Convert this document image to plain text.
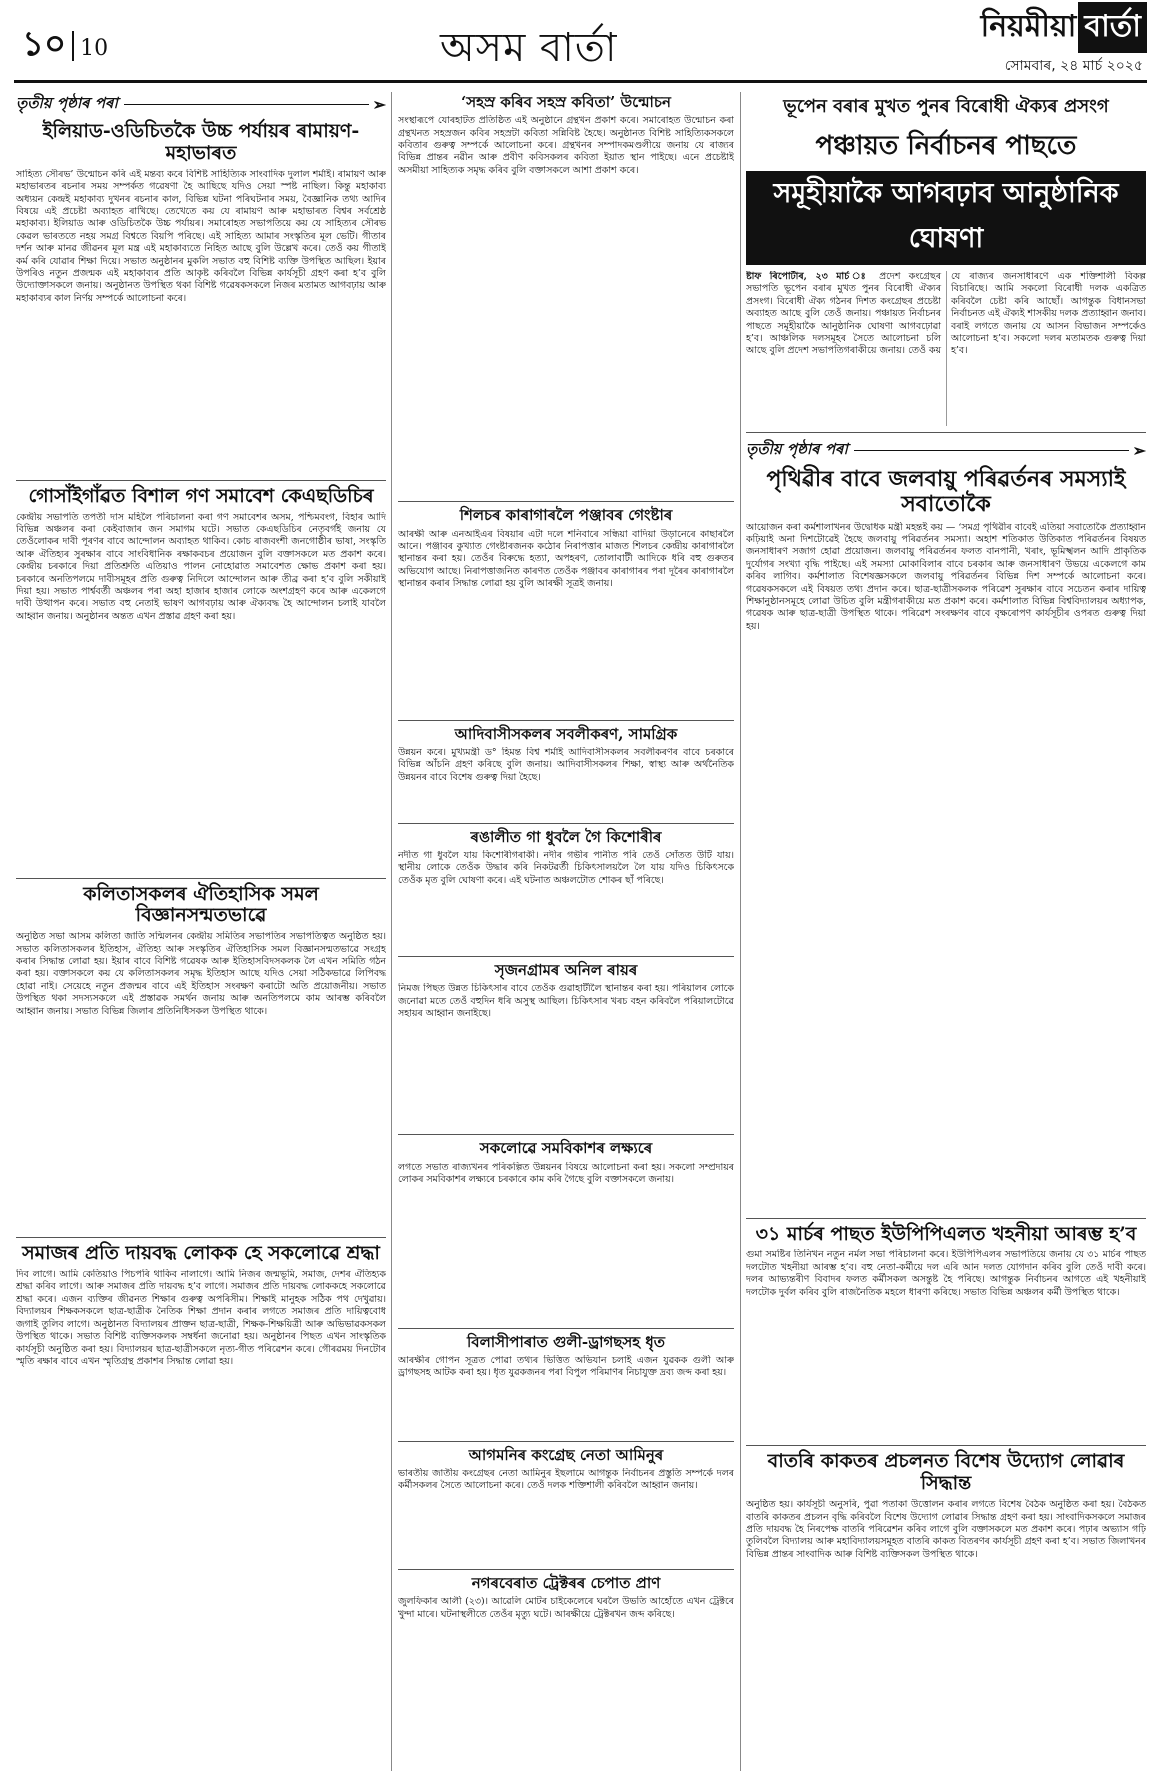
১০ 10	অসম বাৰ্তা	নিয়মীয়া বাৰ্তা
সোমবাৰ, ২৪ মাৰ্চ ২০২৫
তৃতীয় পৃষ্ঠাৰ পৰা	➢
ইলিয়াড-ওডিচিতকৈ উচ্চ পৰ্যায়ৰ ৰামায়ণ-মহাভাৰত
সাহিত্য সৌৰভ’ উন্মোচন কৰি এই মন্তব্য কৰে বিশিষ্ট সাহিত্যিক সাংবাদিক দুলাল শৰ্মাই। ৰামায়ণ আৰু মহাভাৰতৰ ৰচনাৰ সময় সম্পৰ্কত গৱেষণা হৈ আছিছে যদিও সেয়া স্পষ্ট নাছিল। কিন্তু মহাকাব্য অধ্যয়ন কেন্দ্ৰই মহাকাব্য দুখনৰ ৰচনাৰ কাল, বিভিন্ন ঘটনা পৰিঘটনাৰ সময়, বৈজ্ঞানিক তথ্য আদিৰ বিষয়ে এই প্ৰচেষ্টা অব্যাহত ৰাখিছে। তেখেতে কয় যে ৰামায়ণ আৰু মহাভাৰত বিশ্বৰ সৰ্বশ্ৰেষ্ঠ মহাকাব্য। ইলিয়াড আৰু ওডিচিতকৈ উচ্চ পৰ্যায়ৰ। সমাৰোহত সভাপতিয়ে কয় যে সাহিত্যৰ সৌৰভ কেৱল ভাৰততে নহয় সমগ্ৰ বিশ্বতে বিয়পি পৰিছে। এই সাহিত্য আমাৰ সংস্কৃতিৰ মূল ভেটি। গীতাৰ দৰ্শন আৰু মানৱ জীৱনৰ মূল মন্ত্ৰ এই মহাকাব্যতে নিহিত আছে বুলি উল্লেখ কৰে। তেওঁ কয় গীতাই কৰ্ম কৰি যোৱাৰ শিক্ষা দিয়ে। সভাত অনুষ্ঠানৰ মুকলি সভাত বহু বিশিষ্ট ব্যক্তি উপস্থিত আছিল। ইয়াৰ উপৰিও নতুন প্ৰজন্মক এই মহাকাব্যৰ প্ৰতি আকৃষ্ট কৰিবলৈ বিভিন্ন কাৰ্যসূচী গ্ৰহণ কৰা হ’ব বুলি উদ্যোক্তাসকলে জনায়। অনুষ্ঠানত উপস্থিত থকা বিশিষ্ট গৱেষকসকলে নিজৰ মতামত আগবঢ়ায় আৰু মহাকাব্যৰ কাল নিৰ্ণয় সম্পৰ্কে আলোচনা কৰে।
গোসাঁইগাঁৱত বিশাল গণ সমাবেশ কেএছডিচিৰ
কেন্দ্ৰীয় সভাপতি তপতী দাস মহিলৈ পৰিচালনা কৰা গণ সমাবেশৰ অসম, পশ্চিমবংগ, বিহাৰ আদি বিভিন্ন অঞ্চলৰ কৰা কেইবাজাৰ জন সমাগম ঘটে। সভাত কেএছডিচিৰ নেতৃবৰ্গই জনায় যে তেওঁলোকৰ দাবী পূৰণৰ বাবে আন্দোলন অব্যাহত থাকিব। কোচ ৰাজবংশী জনগোষ্ঠীৰ ভাষা, সংস্কৃতি আৰু ঐতিহ্যৰ সুৰক্ষাৰ বাবে সাংবিধানিক ৰক্ষাকবচৰ প্ৰয়োজন বুলি বক্তাসকলে মত প্ৰকাশ কৰে। কেন্দ্ৰীয় চৰকাৰে দিয়া প্ৰতিশ্ৰুতি এতিয়াও পালন নোহোৱাত সমাবেশত ক্ষোভ প্ৰকাশ কৰা হয়। চৰকাৰে অনতিপলমে দাবীসমূহৰ প্ৰতি গুৰুত্ব নিদিলে আন্দোলন আৰু তীব্ৰ কৰা হ’ব বুলি সকীয়াই দিয়া হয়। সভাত পাৰ্শ্ববৰ্তী অঞ্চলৰ পৰা অহা হাজাৰ হাজাৰ লোকে অংশগ্ৰহণ কৰে আৰু একেলগে দাবী উত্থাপন কৰে। সভাত বহু নেতাই ভাষণ আগবঢ়ায় আৰু ঐক্যবদ্ধ হৈ আন্দোলন চলাই যাবলৈ আহ্বান জনায়। অনুষ্ঠানৰ অন্তত এখন প্ৰস্তাৱ গ্ৰহণ কৰা হয়।
কলিতাসকলৰ ঐতিহাসিক সমল বিজ্ঞানসন্মতভাৱে
অনুষ্ঠিত সভা আসম কলিতা জাতি সন্মিলনৰ কেন্দ্ৰীয় সমিতিৰ সভাপতিৰ সভাপতিত্বত অনুষ্ঠিত হয়। সভাত কলিতাসকলৰ ইতিহাস, ঐতিহ্য আৰু সংস্কৃতিৰ ঐতিহাসিক সমল বিজ্ঞানসন্মতভাৱে সংগ্ৰহ কৰাৰ সিদ্ধান্ত লোৱা হয়। ইয়াৰ বাবে বিশিষ্ট গৱেষক আৰু ইতিহাসবিদসকলক লৈ এখন সমিতি গঠন কৰা হয়। বক্তাসকলে কয় যে কলিতাসকলৰ সমৃদ্ধ ইতিহাস আছে যদিও সেয়া সঠিকভাৱে লিপিবদ্ধ হোৱা নাই। সেয়েহে নতুন প্ৰজন্মৰ বাবে এই ইতিহাস সংৰক্ষণ কৰাটো অতি প্ৰয়োজনীয়। সভাত উপস্থিত থকা সদস্যসকলে এই প্ৰস্তাৱক সমৰ্থন জনায় আৰু অনতিপলমে কাম আৰম্ভ কৰিবলৈ আহ্বান জনায়। সভাত বিভিন্ন জিলাৰ প্ৰতিনিধিসকল উপস্থিত থাকে।
সমাজৰ প্ৰতি দায়বদ্ধ লোকক হে সকলোৱে শ্ৰদ্ধা
দিব লাগে। আমি কেতিয়াও পিচপৰি থাকিব নালাগে। আমি নিজৰ জন্মভূমি, সমাজ, দেশৰ ঐতিহ্যক শ্ৰদ্ধা কৰিব লাগে। আৰু সমাজৰ প্ৰতি দায়বদ্ধ হ’ব লাগে। সমাজৰ প্ৰতি দায়বদ্ধ লোককহে সকলোৱে শ্ৰদ্ধা কৰে। এজন ব্যক্তিৰ জীৱনত শিক্ষাৰ গুৰুত্ব অপৰিসীম। শিক্ষাই মানুহক সঠিক পথ দেখুৱায়। বিদ্যালয়ৰ শিক্ষকসকলে ছাত্ৰ-ছাত্ৰীক নৈতিক শিক্ষা প্ৰদান কৰাৰ লগতে সমাজৰ প্ৰতি দায়িত্ববোধ জগাই তুলিব লাগে। অনুষ্ঠানত বিদ্যালয়ৰ প্ৰাক্তন ছাত্ৰ-ছাত্ৰী, শিক্ষক-শিক্ষয়িত্ৰী আৰু অভিভাৱকসকল উপস্থিত থাকে। সভাত বিশিষ্ট ব্যক্তিসকলক সম্বৰ্ধনা জনোৱা হয়। অনুষ্ঠানৰ পিছত এখন সাংস্কৃতিক কাৰ্যসূচী অনুষ্ঠিত কৰা হয়। বিদ্যালয়ৰ ছাত্ৰ-ছাত্ৰীসকলে নৃত্য-গীত পৰিৱেশন কৰে। গৌৰৱময় দিনটোৰ স্মৃতি ৰক্ষাৰ বাবে এখন স্মৃতিগ্ৰন্থ প্ৰকাশৰ সিদ্ধান্ত লোৱা হয়।
‘সহস্ৰ কৰিব সহস্ৰ কবিতা’ উন্মোচন
সংস্থাৰূপে যোৰহাটত প্ৰতিষ্ঠিত এই অনুষ্ঠানে গ্ৰন্থখন প্ৰকাশ কৰে। সমাৰোহত উন্মোচন কৰা গ্ৰন্থখনত সহস্ৰজন কবিৰ সহস্ৰটা কবিতা সন্নিবিষ্ট হৈছে। অনুষ্ঠানত বিশিষ্ট সাহিত্যিকসকলে কবিতাৰ গুৰুত্ব সম্পৰ্কে আলোচনা কৰে। গ্ৰন্থখনৰ সম্পাদকমণ্ডলীয়ে জনায় যে ৰাজ্যৰ বিভিন্ন প্ৰান্তৰ নৱীন আৰু প্ৰবীণ কবিসকলৰ কবিতা ইয়াত স্থান পাইছে। এনে প্ৰচেষ্টাই অসমীয়া সাহিত্যক সমৃদ্ধ কৰিব বুলি বক্তাসকলে আশা প্ৰকাশ কৰে।
শিলচৰ কাৰাগাৰলৈ পঞ্জাবৰ গেংষ্টাৰ
আৰক্ষী আৰু এনআইএৰ বিষয়াৰ এটা দলে শনিবাৰে সন্ধিয়া বাদিয়া উড়ানেৰে কাছাৰলৈ আনে। পঞ্জাবৰ কুখ্যাত গেংষ্টাৰজনক কঠোৰ নিৰাপত্তাৰ মাজত শিলচৰ কেন্দ্ৰীয় কাৰাগাৰলৈ স্থানান্তৰ কৰা হয়। তেওঁৰ বিৰুদ্ধে হত্যা, অপহৰণ, তোলাবাটী আদিকে ধৰি বহু গুৰুতৰ অভিযোগ আছে। নিৰাপত্তাজনিত কাৰণত তেওঁক পঞ্জাবৰ কাৰাগাৰৰ পৰা দূৰৈৰ কাৰাগাৰলৈ স্থানান্তৰ কৰাৰ সিদ্ধান্ত লোৱা হয় বুলি আৰক্ষী সূত্ৰই জনায়।
আদিবাসীসকলৰ সবলীকৰণ, সামগ্ৰিক
উন্নয়ন কৰে। মুখ্যমন্ত্ৰী ড° হিমন্ত বিশ্ব শৰ্মাই আদিবাসীসকলৰ সবলীকৰণৰ বাবে চৰকাৰে বিভিন্ন আঁচনি গ্ৰহণ কৰিছে বুলি জনায়। আদিবাসীসকলৰ শিক্ষা, স্বাস্থ্য আৰু অৰ্থনৈতিক উন্নয়নৰ বাবে বিশেষ গুৰুত্ব দিয়া হৈছে।
ৰঙালীত গা ধুবলৈ গৈ কিশোৰীৰ
নদীত গা ধুবলৈ যায় কিশোৰীগৰাকী। নদীৰ গভীৰ পানীত পৰি তেওঁ সোঁতত উটি যায়। স্থানীয় লোকে তেওঁক উদ্ধাৰ কৰি নিকটৱৰ্তী চিকিৎসালয়লৈ লৈ যায় যদিও চিকিৎসকে তেওঁক মৃত বুলি ঘোষণা কৰে। এই ঘটনাত অঞ্চলটোত শোকৰ ছাঁ পৰিছে।
সৃজনগ্ৰামৰ অনিল ৰায়ৰ
নিমজ পিছত উন্নত চিকিৎসাৰ বাবে তেওঁক গুৱাহাটীলৈ স্থানান্তৰ কৰা হয়। পৰিয়ালৰ লোকে জনোৱা মতে তেওঁ বহুদিন ধৰি অসুস্থ আছিল। চিকিৎসাৰ খৰচ বহন কৰিবলৈ পৰিয়ালটোৱে সহায়ৰ আহ্বান জনাইছে।
সকলোৱে সমবিকাশৰ লক্ষ্যৰে
লগতে সভাত ৰাজ্যখনৰ পৰিকল্পিত উন্নয়নৰ বিষয়ে আলোচনা কৰা হয়। সকলো সম্প্ৰদায়ৰ লোকৰ সমবিকাশৰ লক্ষ্যৰে চৰকাৰে কাম কৰি গৈছে বুলি বক্তাসকলে জনায়।
বিলাসীপাৰাত গুলী-ড্ৰাগছসহ ধৃত
আৰক্ষীৰ গোপন সূত্ৰত পোৱা তথ্যৰ ভিত্তিত অভিযান চলাই এজন যুৱকক গুলী আৰু ড্ৰাগছসহ আটক কৰা হয়। ধৃত যুৱকজনৰ পৰা বিপুল পৰিমাণৰ নিচাযুক্ত দ্ৰব্য জব্দ কৰা হয়।
আগমনিৰ কংগ্ৰেছ নেতা আমিনুৰ
ভাৰতীয় জাতীয় কংগ্ৰেছৰ নেতা আমিনুৰ ইছলামে আগন্তুক নিৰ্বাচনৰ প্ৰস্তুতি সম্পৰ্কে দলৰ কৰ্মীসকলৰ সৈতে আলোচনা কৰে। তেওঁ দলক শক্তিশালী কৰিবলৈ আহ্বান জনায়।
নগৰবেৰাত ট্ৰেক্টৰৰ চেপাত প্ৰাণ
জুলফিকাৰ আলী (২৩)। আৱেলি মোটৰ চাইকেলেৰে ঘৰলৈ উভতি আহোঁতে এখন ট্ৰেক্টৰে খুন্দা মাৰে। ঘটনাস্থলীতে তেওঁৰ মৃত্যু ঘটে। আৰক্ষীয়ে ট্ৰেক্টৰখন জব্দ কৰিছে।
ভূপেন বৰাৰ মুখত পুনৰ বিৰোধী ঐক্যৰ প্ৰসংগ
পঞ্চায়ত নিৰ্বাচনৰ পাছতে
সমূহীয়াকৈ আগবঢ়াব আনুষ্ঠানিক ঘোষণা
ষ্টাফ ৰিপোৰ্টাৰ, ২৩ মাৰ্চ ঃ প্ৰদেশ কংগ্ৰেছৰ সভাপতি ভূপেন বৰাৰ মুখত পুনৰ বিৰোধী ঐক্যৰ প্ৰসংগ। বিৰোধী ঐক্য গঠনৰ দিশত কংগ্ৰেছৰ প্ৰচেষ্টা অব্যাহত আছে বুলি তেওঁ জনায়। পঞ্চায়ত নিৰ্বাচনৰ পাছতে সমূহীয়াকৈ আনুষ্ঠানিক ঘোষণা আগবঢ়োৱা হ’ব। আঞ্চলিক দলসমূহৰ সৈতে আলোচনা চলি আছে বুলি প্ৰদেশ সভাপতিগৰাকীয়ে জনায়। তেওঁ কয় যে ৰাজ্যৰ জনসাধাৰণে এক শক্তিশালী বিকল্প বিচাৰিছে। আমি সকলো বিৰোধী দলক একত্ৰিত কৰিবলৈ চেষ্টা কৰি আছোঁ। আগন্তুক বিধানসভা নিৰ্বাচনত এই ঐক্যই শাসকীয় দলক প্ৰত্যাহ্বান জনাব। বৰাই লগতে জনায় যে আসন বিভাজন সম্পৰ্কেও আলোচনা হ’ব। সকলো দলৰ মতামতক গুৰুত্ব দিয়া হ’ব।
তৃতীয় পৃষ্ঠাৰ পৰা	➢
পৃথিৱীৰ বাবে জলবায়ু পৰিৱৰ্তনৰ সমস্যাই সবাতোকৈ
আয়োজন কৰা কৰ্মশালাখনৰ উদ্বোধক মন্ত্ৰী মহন্তই কয় — ‘সমগ্ৰ পৃথিৱীৰ বাবেই এতিয়া সবাতোকৈ প্ৰত্যাহ্বান কঢ়িয়াই অনা দিশটোৱেই হৈছে জলবায়ু পৰিৱৰ্তনৰ সমস্যা। অহাশ শতিকাত উতিকাত পৰিৱৰ্তনৰ বিষয়ত জনসাধাৰণ সজাগ হোৱা প্ৰয়োজন। জলবায়ু পৰিৱৰ্তনৰ ফলত বানপানী, খৰাং, ভূমিস্খলন আদি প্ৰাকৃতিক দুৰ্যোগৰ সংখ্যা বৃদ্ধি পাইছে। এই সমস্যা মোকাবিলাৰ বাবে চৰকাৰ আৰু জনসাধাৰণ উভয়ে একেলগে কাম কৰিব লাগিব। কৰ্মশালাত বিশেষজ্ঞসকলে জলবায়ু পৰিৱৰ্তনৰ বিভিন্ন দিশ সম্পৰ্কে আলোচনা কৰে। গৱেষকসকলে এই বিষয়ত তথ্য প্ৰদান কৰে। ছাত্ৰ-ছাত্ৰীসকলক পৰিৱেশ সুৰক্ষাৰ বাবে সচেতন কৰাৰ দায়িত্ব শিক্ষানুষ্ঠানসমূহে লোৱা উচিত বুলি মন্ত্ৰীগৰাকীয়ে মত প্ৰকাশ কৰে। কৰ্মশালাত বিভিন্ন বিশ্ববিদ্যালয়ৰ অধ্যাপক, গৱেষক আৰু ছাত্ৰ-ছাত্ৰী উপস্থিত থাকে। পৰিৱেশ সংৰক্ষণৰ বাবে বৃক্ষৰোপণ কাৰ্যসূচীৰ ওপৰত গুৰুত্ব দিয়া হয়।
৩১ মাৰ্চৰ পাছত ইউপিপিএলত খহনীয়া আৰম্ভ হ’ব
গুমা সমষ্টিৰ তিনিখন নতুন নৰ্মল সভা পৰিচালনা কৰে। ইউপিপিএলৰ সভাপতিয়ে জনায় যে ৩১ মাৰ্চৰ পাছত দলটোত খহনীয়া আৰম্ভ হ’ব। বহু নেতা-কৰ্মীয়ে দল এৰি আন দলত যোগদান কৰিব বুলি তেওঁ দাবী কৰে। দলৰ আভ্যন্তৰীণ বিবাদৰ ফলত কৰ্মীসকল অসন্তুষ্ট হৈ পৰিছে। আগন্তুক নিৰ্বাচনৰ আগতে এই খহনীয়াই দলটোক দুৰ্বল কৰিব বুলি ৰাজনৈতিক মহলে ধাৰণা কৰিছে। সভাত বিভিন্ন অঞ্চলৰ কৰ্মী উপস্থিত থাকে।
বাতৰি কাকতৰ প্ৰচলনত বিশেষ উদ্যোগ লোৱাৰ সিদ্ধান্ত
অনুষ্ঠিত হয়। কাৰ্যসূচী অনুসৰি, পুৱা পতাকা উত্তোলন কৰাৰ লগতে বিশেষ বৈঠক অনুষ্ঠিত কৰা হয়। বৈঠকত বাতৰি কাকতৰ প্ৰচলন বৃদ্ধি কৰিবলৈ বিশেষ উদ্যোগ লোৱাৰ সিদ্ধান্ত গ্ৰহণ কৰা হয়। সাংবাদিকসকলে সমাজৰ প্ৰতি দায়বদ্ধ হৈ নিৰপেক্ষ বাতৰি পৰিৱেশন কৰিব লাগে বুলি বক্তাসকলে মত প্ৰকাশ কৰে। পঢ়াৰ অভ্যাস গঢ়ি তুলিবলৈ বিদ্যালয় আৰু মহাবিদ্যালয়সমূহত বাতৰি কাকত বিতৰণৰ কাৰ্যসূচী গ্ৰহণ কৰা হ’ব। সভাত জিলাখনৰ বিভিন্ন প্ৰান্তৰ সাংবাদিক আৰু বিশিষ্ট ব্যক্তিসকল উপস্থিত থাকে।
